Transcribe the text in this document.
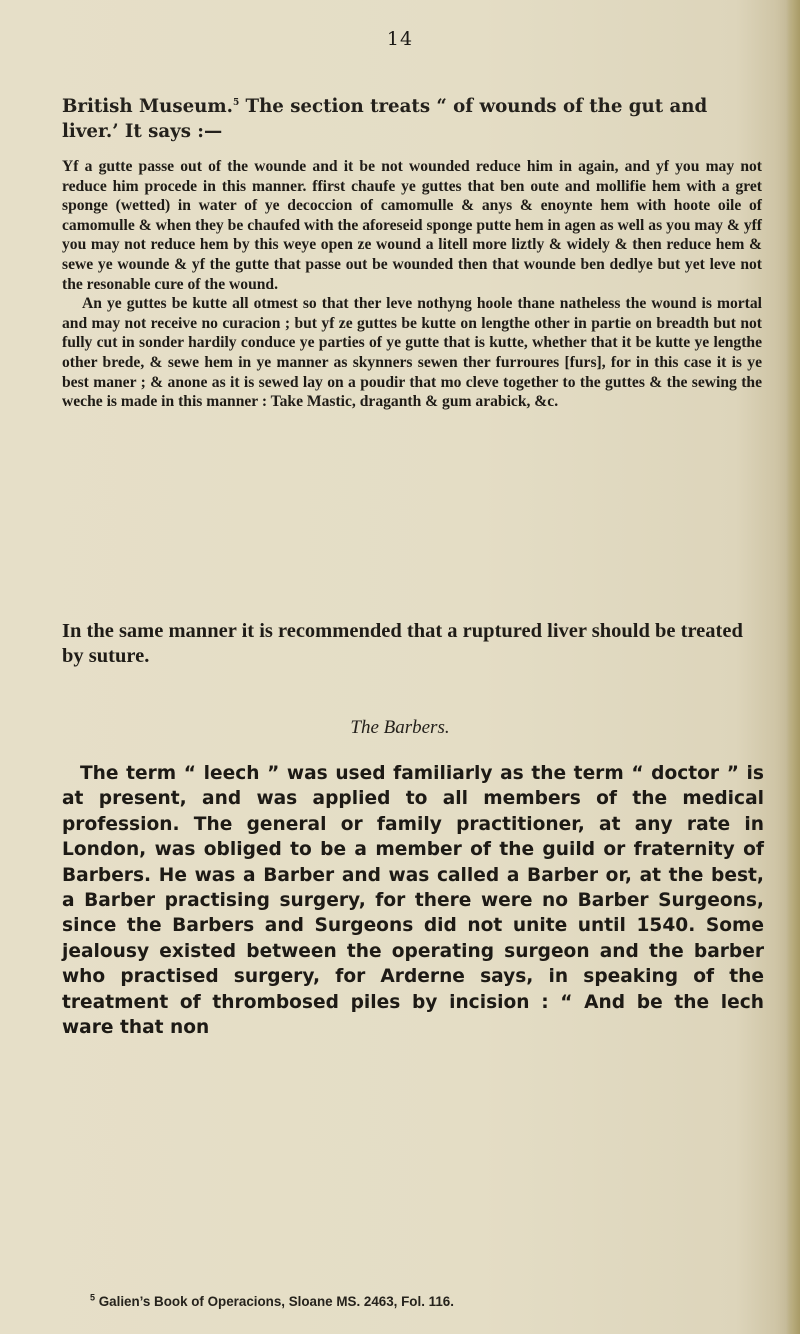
14
British Museum.$^5$ The section treats “ of wounds of the gut and liver.’ It says :—

Yf a gutte passe out of the wounde and it be not wounded reduce him in again, and yf you may not reduce him procede in this manner. ffirst chaufe ye guttes that ben oute and mollifie hem with a gret sponge (wetted) in water of ye decoccion of camomulle & anys & enoynte hem with hoote oile of camomulle & when they be chaufed with the aforeseid sponge putte hem in agen as well as you may & yff you may not reduce hem by this weye open ze wound a litell more liztly & widely & then reduce hem & sewe ye wounde & yf the gutte that passe out be wounded then that wounde ben dedlye but yet leve not the resonable cure of the wound.

An ye guttes be kutte all otmest so that ther leve nothyng hoole thane natheless the wound is mortal and may not receive no curacion ; but yf ze guttes be kutte on lengthe other in partie on breadth but not fully cut in sonder hardily conduce ye parties of ye gutte that is kutte, whether that it be kutte ye lengthe other brede, & sewe hem in ye manner as skynners sewen ther furroures [furs], for in this case it is ye best maner ; & anone as it is sewed lay on a poudir that mo cleve together to the guttes & the sewing the weche is made in this manner : Take Mastic, draganth & gum arabick, &c.

In the same manner it is recommended that a ruptured liver should be treated by suture.
The Barbers.

The term “ leech ” was used familiarly as the term “ doctor ” is at present, and was applied to all members of the medical profession. The general or family practitioner, at any rate in London, was obliged to be a member of the guild or fraternity of Barbers. He was a Barber and was called a Barber or, at the best, a Barber practising surgery, for there were no Barber Surgeons, since the Barbers and Surgeons did not unite until 1540. Some jealousy existed between the operating surgeon and the barber who practised surgery, for Arderne says, in speaking of the treatment of thrombosed piles by incision : “ And be the lech ware that non

$^5$ Galien’s Book of Operacions, Sloane MS. 2463, Fol. 116.
